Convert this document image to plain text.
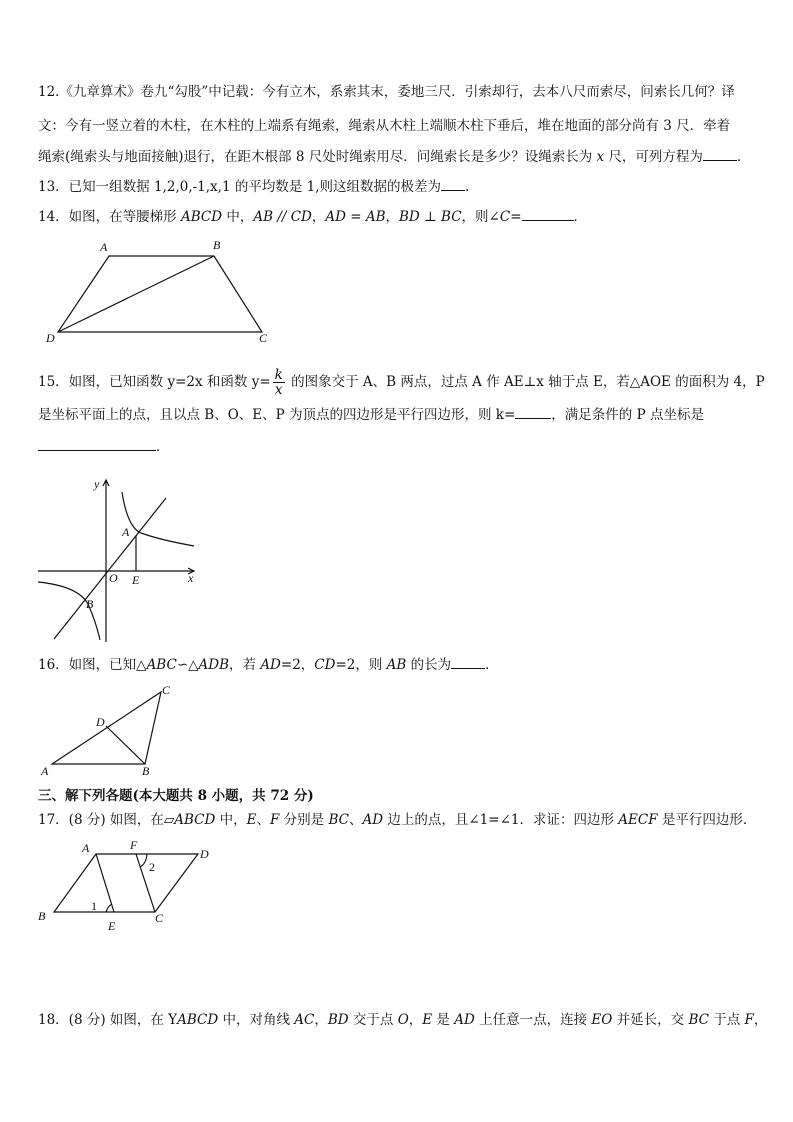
12.《九章算术》卷九“勾股”中记载：今有立木，系索其末，委地三尺．引索却行，去本八尺而索尽，问索长几何？译
文：今有一竖立着的木柱，在木柱的上端系有绳索，绳索从木柱上端顺木柱下垂后，堆在地面的部分尚有 3 尺．牵着
绳索(绳索头与地面接触)退行，在距木根部 8 尺处时绳索用尽．问绳索长是多少？设绳索长为 x 尺，可列方程为	．
13．已知一组数据 1,2,0,-1,x,1 的平均数是 1,则这组数据的极差为 .
14．如图，在等腰梯形 ABCD 中，AB // CD，AD = AB，BD ⊥ BC，则∠C=	．
A	B
C
D
15．如图，已知函数 y=2x 和函数 $y= \frac{k}{x}$ 的图象交于 A、B 两点，过点 A 作 AE⊥x 轴于点 E，若△AOE 的面积为 4，P
是坐标平面上的点，且以点 B、O、E、P 为顶点的四边形是平行四边形，则 k=	，满足条件的 P 点坐标是
．
y
x
O
A
E
B
16．如图，已知△ABC∽△ADB，若 AD=2，CD=2，则 AB 的长为	．
A	B
C
D
三、解下列各题(本大题共 8 小题，共 72 分)
17．(8 分) 如图，在▱ABCD 中，E、F 分别是 BC、AD 边上的点，且∠1=∠1．求证：四边形 AECF 是平行四边形．
A	F
D
B
E
C
1
2
18．(8 分) 如图，在 YABCD 中，对角线 AC，BD 交于点 O，E 是 AD 上任意一点，连接 EO 并延长，交 BC 于点 F，
